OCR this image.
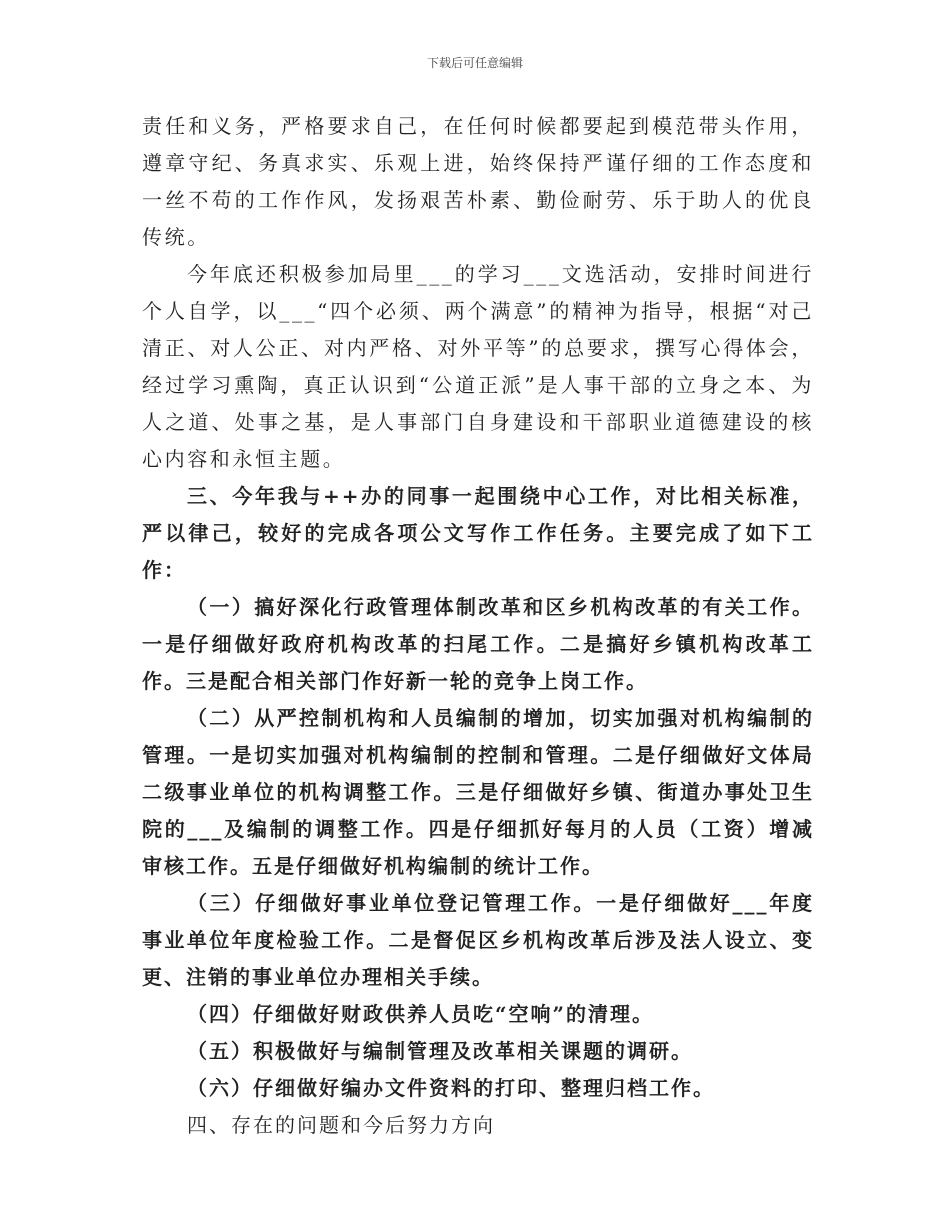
下载后可任意编辑

责任和义务，严格要求自己，在任何时候都要起到模范带头作用，遵章守纪、务真求实、乐观上进，始终保持严谨仔细的工作态度和一丝不苟的工作作风，发扬艰苦朴素、勤俭耐劳、乐于助人的优良传统。

今年底还积极参加局里___的学习___文选活动，安排时间进行个人自学，以___“四个必须、两个满意”的精神为指导，根据“对己清正、对人公正、对内严格、对外平等”的总要求，撰写心得体会，经过学习熏陶，真正认识到“公道正派”是人事干部的立身之本、为人之道、处事之基，是人事部门自身建设和干部职业道德建设的核心内容和永恒主题。

三、今年我与++办的同事一起围绕中心工作，对比相关标准，严以律己，较好的完成各项公文写作工作任务。主要完成了如下工作：

（一）搞好深化行政管理体制改革和区乡机构改革的有关工作。一是仔细做好政府机构改革的扫尾工作。二是搞好乡镇机构改革工作。三是配合相关部门作好新一轮的竞争上岗工作。

（二）从严控制机构和人员编制的增加，切实加强对机构编制的管理。一是切实加强对机构编制的控制和管理。二是仔细做好文体局二级事业单位的机构调整工作。三是仔细做好乡镇、街道办事处卫生院的___及编制的调整工作。四是仔细抓好每月的人员（工资）增减审核工作。五是仔细做好机构编制的统计工作。

（三）仔细做好事业单位登记管理工作。一是仔细做好___年度事业单位年度检验工作。二是督促区乡机构改革后涉及法人设立、变更、注销的事业单位办理相关手续。

（四）仔细做好财政供养人员吃“空响”的清理。

（五）积极做好与编制管理及改革相关课题的调研。

（六）仔细做好编办文件资料的打印、整理归档工作。

四、存在的问题和今后努力方向
